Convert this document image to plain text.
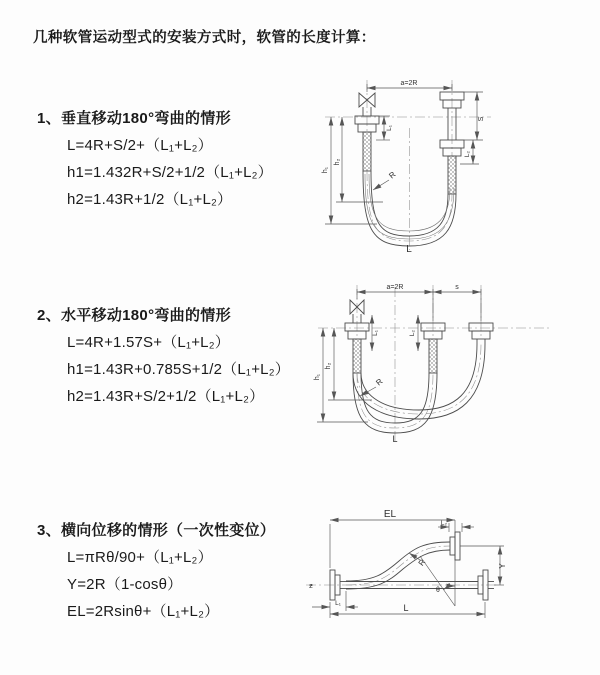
几种软管运动型式的安装方式时，软管的长度计算：
1、垂直移动180°弯曲的情形
L=4R+S/2+（L₁+L₂）
h1=1.432R+S/2+1/2（L₁+L₂）
h2=1.43R+1/2（L₁+L₂）
2、水平移动180°弯曲的情形
L=4R+1.57S+（L₁+L₂）
h1=1.43R+0.785S+1/2（L₁+L₂）
h2=1.43R+S/2+1/2（L₁+L₂）
3、横向位移的情形（一次性变位）
L=πRθ/90+（L₁+L₂）
Y=2R（1-cosθ）
EL=2Rsinθ+（L₁+L₂）
a=2R
S
L₂
L₁
h₁
h₂
R
L
a=2R	s
h₁
h₂
L₁	L₂
R
L
ƶ
EL
L₂
Y
θ
R
L
L₁
